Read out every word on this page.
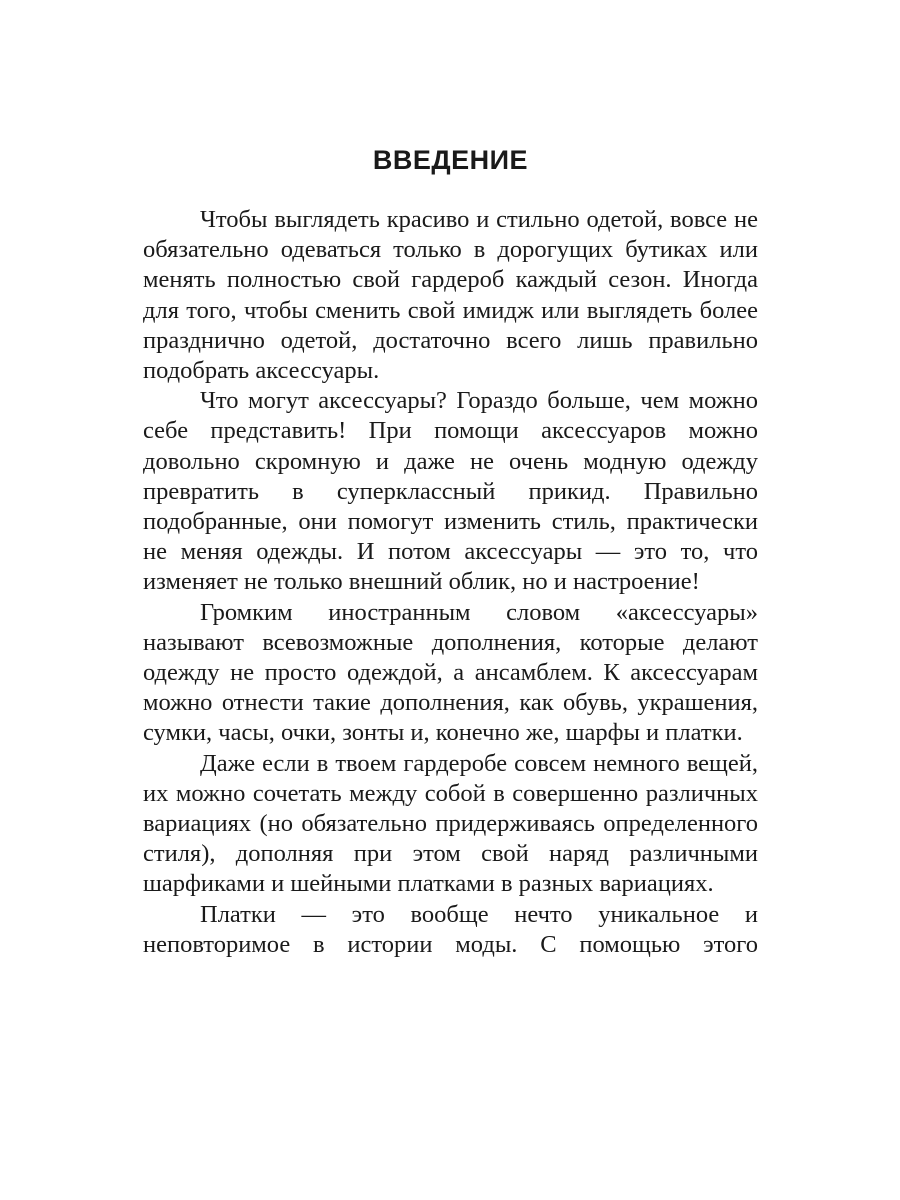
ВВЕДЕНИЕ

Чтобы выглядеть красиво и стильно одетой, вовсе не обязательно одеваться только в дорогущих бутиках или менять полностью свой гардероб каждый сезон. Иногда для того, чтобы сменить свой имидж или выглядеть более празднично одетой, достаточно всего лишь правильно подобрать аксессуары.

Что могут аксессуары? Гораздо больше, чем можно себе представить! При помощи аксессуаров можно довольно скромную и даже не очень модную одежду превратить в суперклассный прикид. Правильно подобранные, они помогут изменить стиль, практически не меняя одежды. И потом аксессуары — это то, что изменяет не только внешний облик, но и настроение!

Громким иностранным словом «аксессуары» называют всевозможные дополнения, которые делают одежду не просто одеждой, а ансамблем. К аксессуарам можно отнести такие дополнения, как обувь, украшения, сумки, часы, очки, зонты и, конечно же, шарфы и платки.

Даже если в твоем гардеробе совсем немного вещей, их можно сочетать между собой в совершенно различных вариациях (но обязательно придерживаясь определенного стиля), дополняя при этом свой наряд различными шарфиками и шейными платками в разных вариациях.

Платки — это вообще нечто уникальное и неповторимое в истории моды. С помощью этого
